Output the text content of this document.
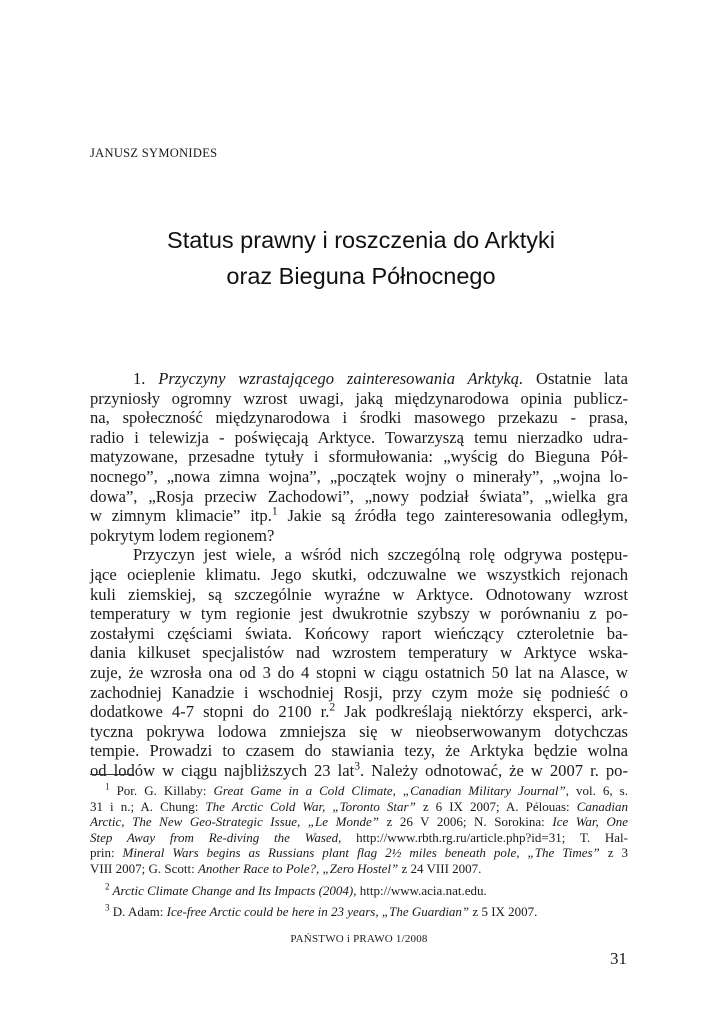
JANUSZ SYMONIDES
Status prawny i roszczenia do Arktyki
oraz Bieguna Północnego
1. Przyczyny wzrastającego zainteresowania Arktyką. Ostatnie lata
przyniosły ogromny wzrost uwagi, jaką międzynarodowa opinia publicz-
na, społeczność międzynarodowa i środki masowego przekazu - prasa,
radio i telewizja - poświęcają Arktyce. Towarzyszą temu nierzadko udra-
matyzowane, przesadne tytuły i sformułowania: „wyścig do Bieguna Pół-
nocnego”, „nowa zimna wojna”, „początek wojny o minerały”, „wojna lo-
dowa”, „Rosja przeciw Zachodowi”, „nowy podział świata”, „wielka gra
w zimnym klimacie” itp.$^1$ Jakie są źródła tego zainteresowania odległym,
pokrytym lodem regionem?
Przyczyn jest wiele, a wśród nich szczególną rolę odgrywa postępu-
jące ocieplenie klimatu. Jego skutki, odczuwalne we wszystkich rejonach
kuli ziemskiej, są szczególnie wyraźne w Arktyce. Odnotowany wzrost
temperatury w tym regionie jest dwukrotnie szybszy w porównaniu z po-
zostałymi częściami świata. Końcowy raport wieńczący czteroletnie ba-
dania kilkuset specjalistów nad wzrostem temperatury w Arktyce wska-
zuje, że wzrosła ona od 3 do 4 stopni w ciągu ostatnich 50 lat na Alasce, w
zachodniej Kanadzie i wschodniej Rosji, przy czym może się podnieść o
dodatkowe 4-7 stopni do 2100 r.$^2$ Jak podkreślają niektórzy eksperci, ark-
tyczna pokrywa lodowa zmniejsza się w nieobserwowanym dotychczas
tempie. Prowadzi to czasem do stawiania tezy, że Arktyka będzie wolna
od lodów w ciągu najbliższych 23 lat$^3$. Należy odnotować, że w 2007 r. po-
$^1$ Por. G. Killaby: Great Game in a Cold Climate, „Canadian Military Journal”, vol. 6, s.
31 i n.; A. Chung: The Arctic Cold War, „Toronto Star” z 6 IX 2007; A. Pélouas: Canadian
Arctic, The New Geo-Strategic Issue, „Le Monde” z 26 V 2006; N. Sorokina: Ice War, One
Step Away from Re-diving the Wased, http://www.rbth.rg.ru/article.php?id=31; T. Hal-
prin: Mineral Wars begins as Russians plant flag 2½ miles beneath pole, „The Times” z 3
VIII 2007; G. Scott: Another Race to Pole?, „Zero Hostel” z 24 VIII 2007.
$^2$ Arctic Climate Change and Its Impacts (2004), http://www.acia.nat.edu.
$^3$ D. Adam: Ice-free Arctic could be here in 23 years, „The Guardian” z 5 IX 2007.
PAŃSTWO i PRAWO 1/2008
31
